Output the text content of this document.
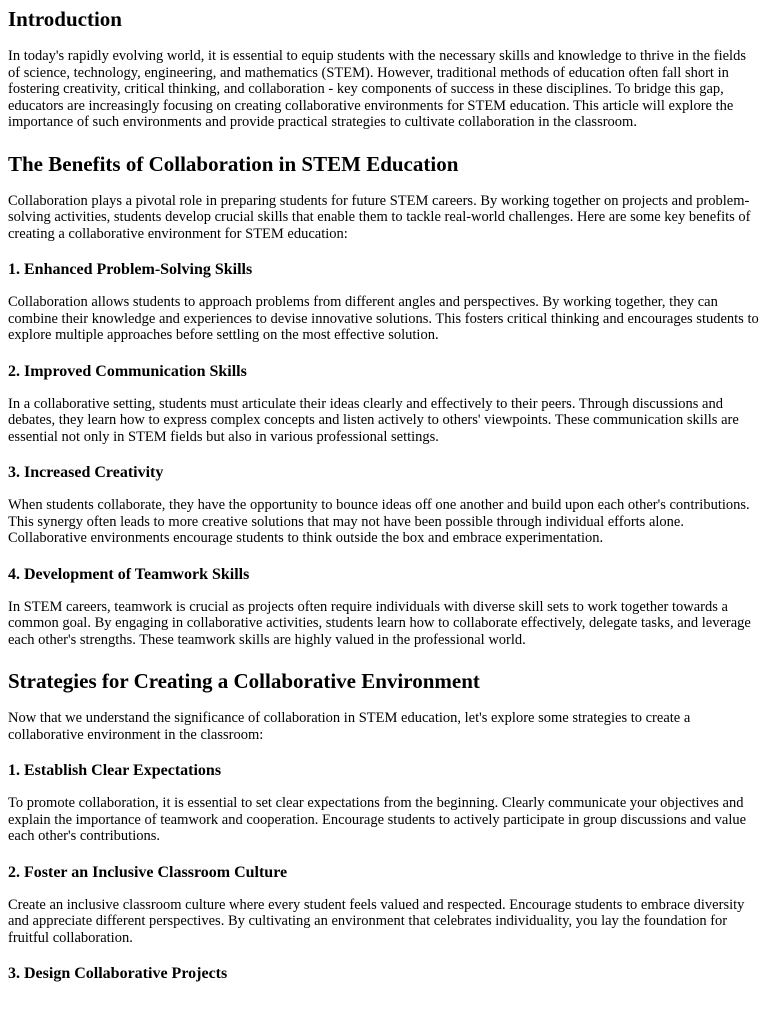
Introduction

In today's rapidly evolving world, it is essential to equip students with the necessary skills and knowledge to thrive in the fields of science, technology, engineering, and mathematics (STEM). However, traditional methods of education often fall short in fostering creativity, critical thinking, and collaboration - key components of success in these disciplines. To bridge this gap, educators are increasingly focusing on creating collaborative environments for STEM education. This article will explore the importance of such environments and provide practical strategies to cultivate collaboration in the classroom.

The Benefits of Collaboration in STEM Education

Collaboration plays a pivotal role in preparing students for future STEM careers. By working together on projects and problem-solving activities, students develop crucial skills that enable them to tackle real-world challenges. Here are some key benefits of creating a collaborative environment for STEM education:

1. Enhanced Problem-Solving Skills

Collaboration allows students to approach problems from different angles and perspectives. By working together, they can combine their knowledge and experiences to devise innovative solutions. This fosters critical thinking and encourages students to explore multiple approaches before settling on the most effective solution.

2. Improved Communication Skills

In a collaborative setting, students must articulate their ideas clearly and effectively to their peers. Through discussions and debates, they learn how to express complex concepts and listen actively to others' viewpoints. These communication skills are essential not only in STEM fields but also in various professional settings.

3. Increased Creativity

When students collaborate, they have the opportunity to bounce ideas off one another and build upon each other's contributions. This synergy often leads to more creative solutions that may not have been possible through individual efforts alone. Collaborative environments encourage students to think outside the box and embrace experimentation.

4. Development of Teamwork Skills

In STEM careers, teamwork is crucial as projects often require individuals with diverse skill sets to work together towards a common goal. By engaging in collaborative activities, students learn how to collaborate effectively, delegate tasks, and leverage each other's strengths. These teamwork skills are highly valued in the professional world.

Strategies for Creating a Collaborative Environment

Now that we understand the significance of collaboration in STEM education, let's explore some strategies to create a collaborative environment in the classroom:

1. Establish Clear Expectations

To promote collaboration, it is essential to set clear expectations from the beginning. Clearly communicate your objectives and explain the importance of teamwork and cooperation. Encourage students to actively participate in group discussions and value each other's contributions.

2. Foster an Inclusive Classroom Culture

Create an inclusive classroom culture where every student feels valued and respected. Encourage students to embrace diversity and appreciate different perspectives. By cultivating an environment that celebrates individuality, you lay the foundation for fruitful collaboration.

3. Design Collaborative Projects
